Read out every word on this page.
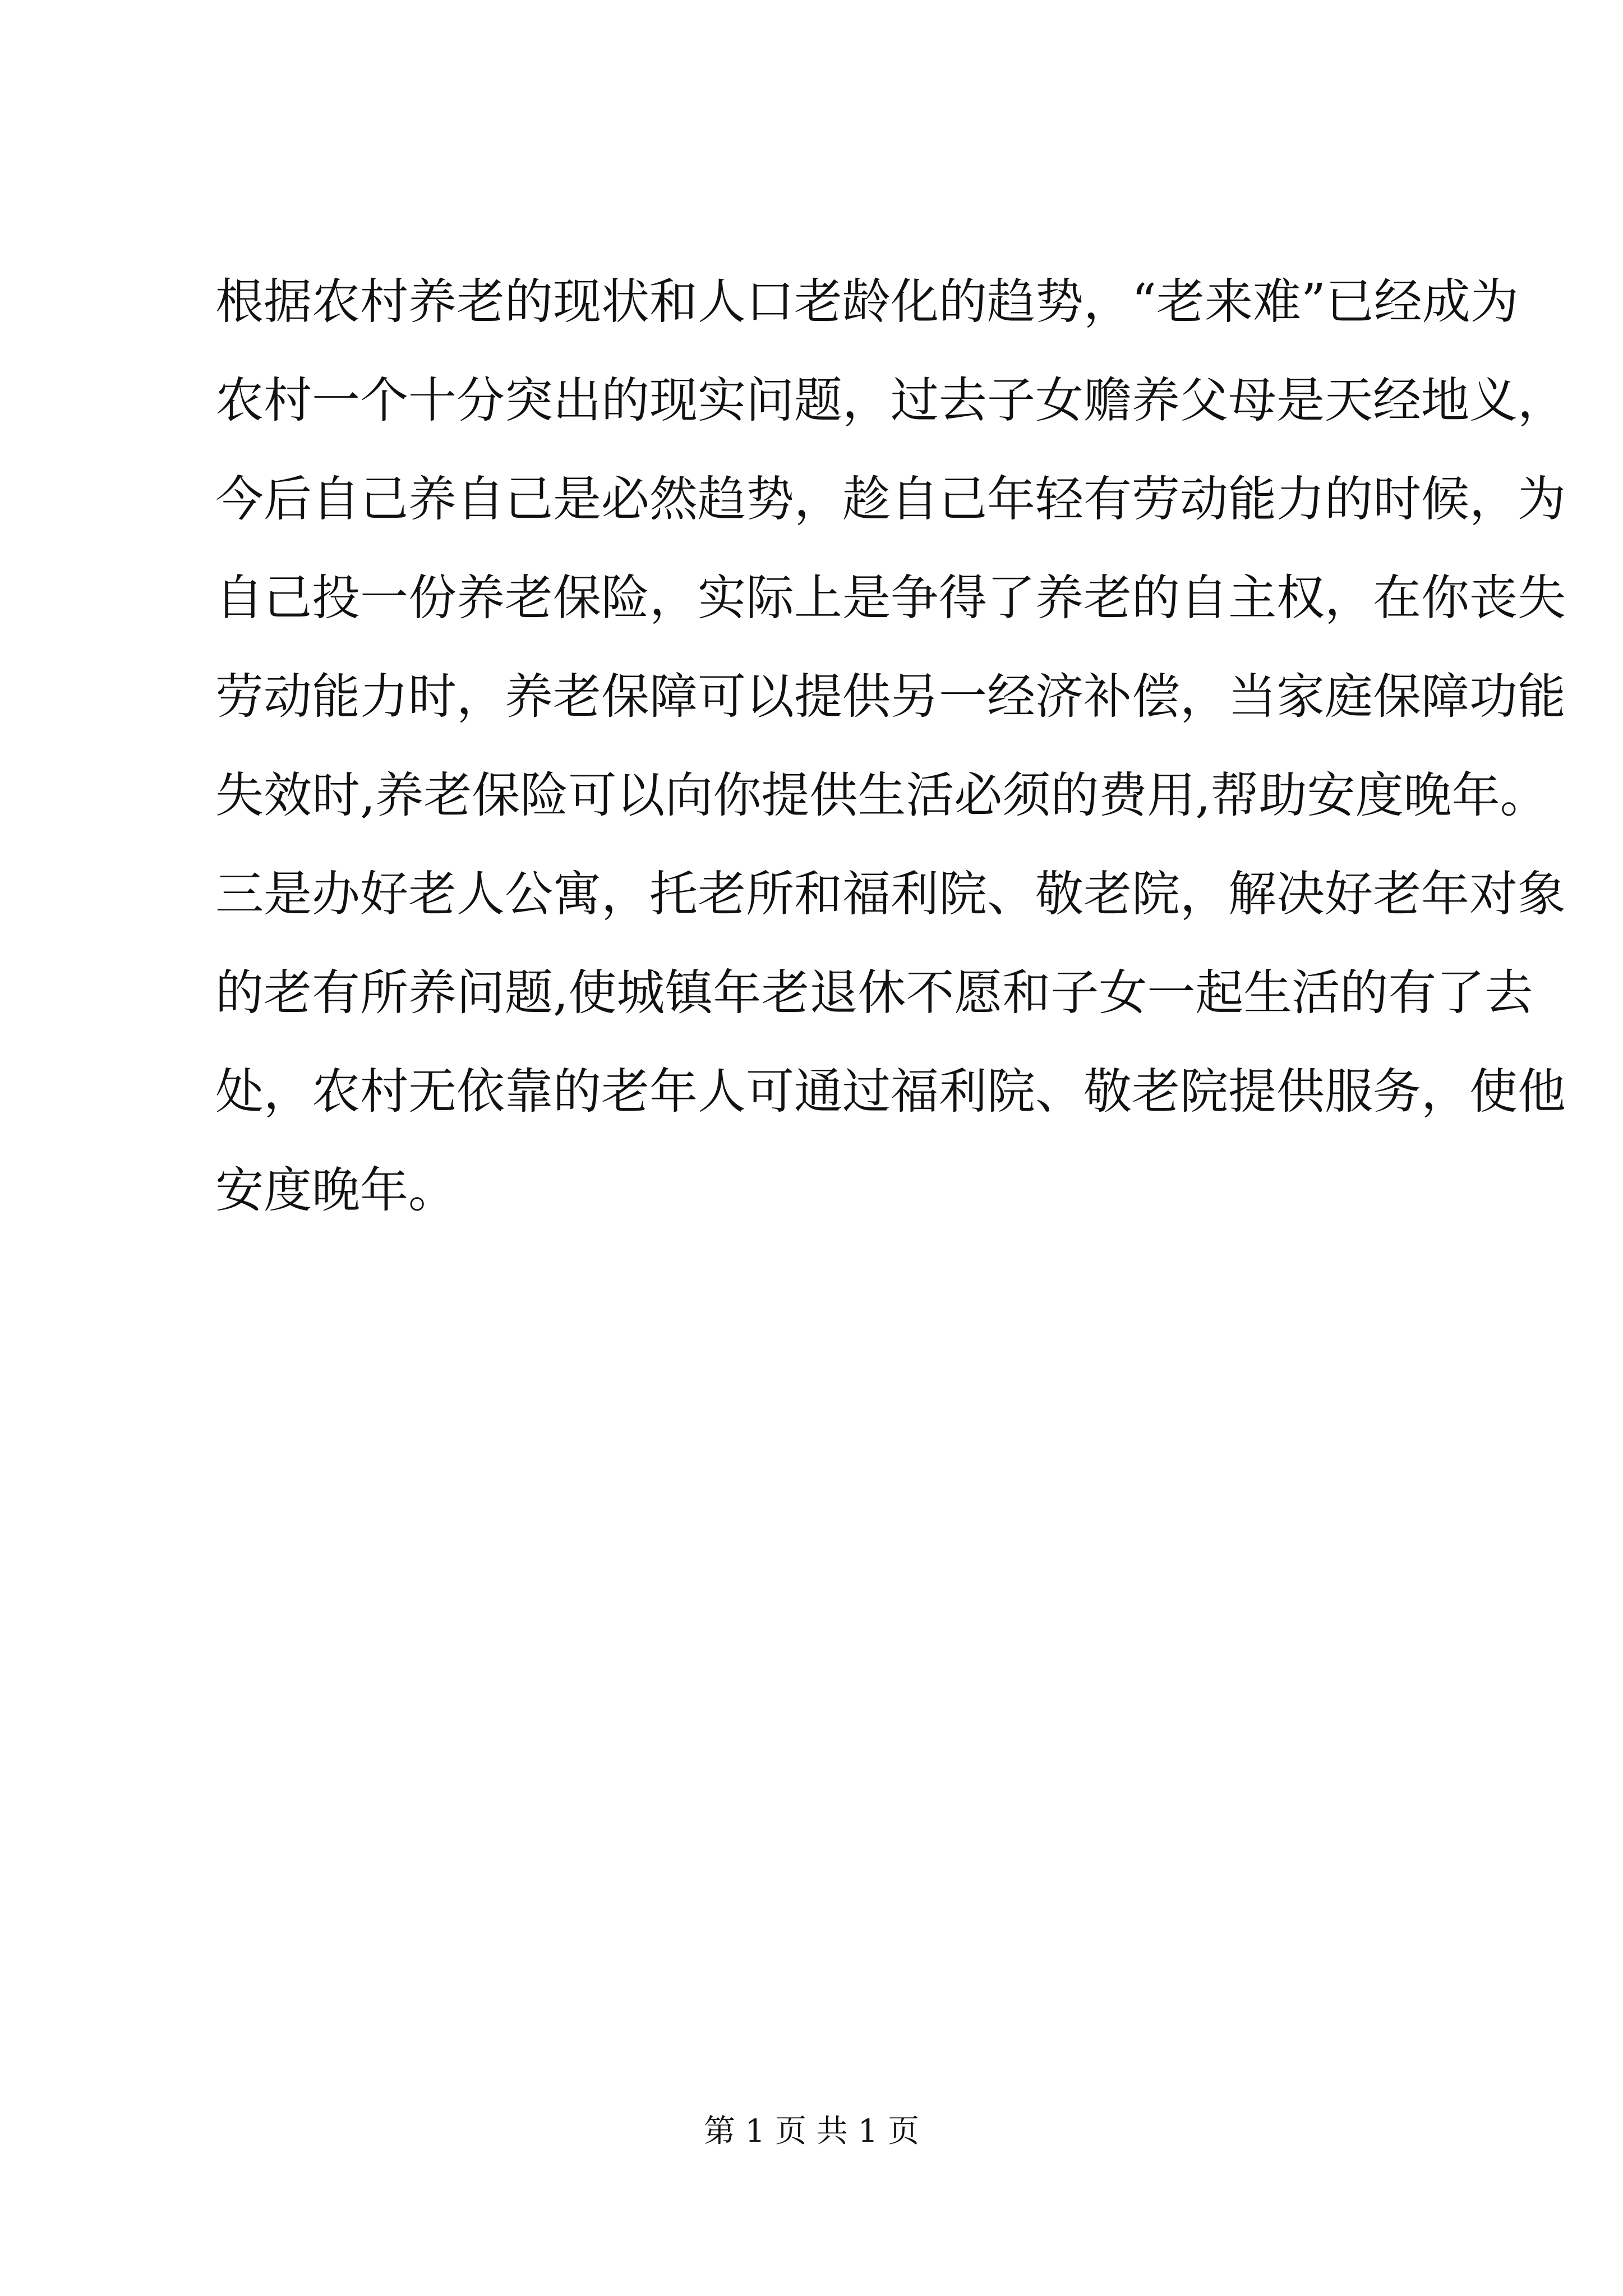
根据农村养老的现状和人口老龄化的趋势，“老来难”已经成为
农村一个十分突出的现实问题，过去子女赡养父母是天经地义，
今后自己养自己是必然趋势，趁自己年轻有劳动能力的时候，为
自己投一份养老保险，实际上是争得了养老的自主权，在你丧失
劳动能力时，养老保障可以提供另一经济补偿，当家庭保障功能
失效时,养老保险可以向你提供生活必须的费用,帮助安度晚年。
三是办好老人公寓，托老所和福利院、敬老院，解决好老年对象
的老有所养问题,使城镇年老退休不愿和子女一起生活的有了去
处，农村无依靠的老年人可通过福利院、敬老院提供服务，使他
安度晚年。
第 1 页 共 1 页
